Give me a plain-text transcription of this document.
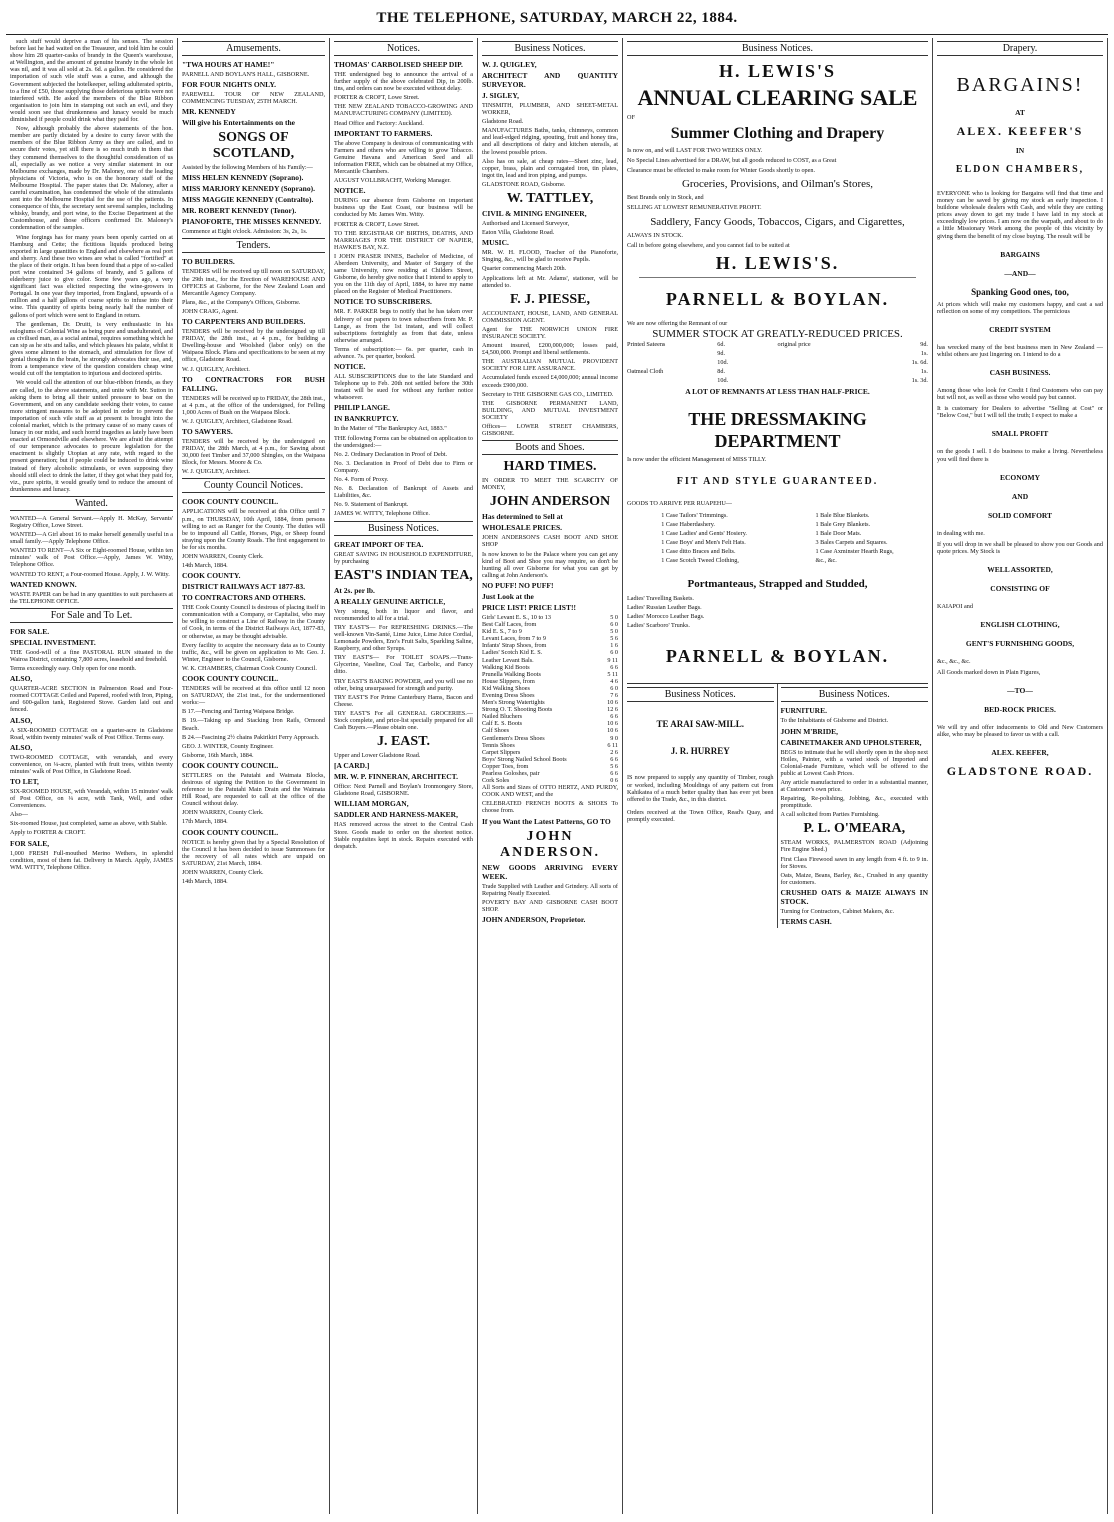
THE TELEPHONE, SATURDAY, MARCH 22, 1884.
such stuff would deprive a man of his senses. The session before last he had waited on the Treasurer, and told him he could show him 28 quarter-casks of brandy in the Queen's warehouse, at Wellington, and the amount of genuine brandy in the whole lot was nil, and it was all sold at 2s. 6d. a gallon. He considered the importation of such vile stuff was a curse, and although the Government subjected the hotelkeeper, selling adulterated spirits, to a fine of £50, those supplying those deleterious spirits were not interfered with. He asked the members of the Blue Ribbon organisation to join him in stamping out such an evil, and they would soon see that drunkenness and lunacy would be much diminished if people could drink what they paid for.
Now, although probably the above statements of the hon. member are partly dictated by a desire to curry favor with the members of the Blue Ribbon Army as they are called, and to secure their votes, yet still there is so much truth in them that they commend themselves to the thoughtful consideration of us all, especially as we notice a very similar statement in our Melbourne exchanges, made by Dr. Maloney, one of the leading physicians of Victoria, who is on the honorary staff of the Melbourne Hospital. The paper states that Dr. Maloney, after a careful examination, has condemned the whole of the stimulants sent into the Melbourne Hospital for the use of the patients. In consequence of this, the secretary sent several samples, including whisky, brandy, and port wine, to the Excise Department at the Customhouse, and those officers confirmed Dr. Maloney's condemnation of the samples.
Wine forgings has for many years been openly carried on at Hamburg and Cette; the fictitious liquids produced being exported in large quantities to England and elsewhere as real port and sherry. And these two wines are what is called "fortified" at the place of their origin. It has been found that a pipe of so-called port wine contained 34 gallons of brandy, and 5 gallons of elderberry juice to give color. Some few years ago, a very significant fact was elicited respecting the wine-growers in Portugal. In one year they imported, from England, upwards of a million and a half gallons of coarse spirits to infuse into their wine. This quantity of spirits being nearly half the number of gallons of port which were sent to England in return.
The gentleman, Dr. Druitt, is very enthusiastic in his eulogiums of Colonial Wine as being pure and unadulterated, and as civilised man, as a social animal, requires something which he can sip as he sits and talks, and which pleases his palate, whilst it gives some aliment to the stomach, and stimulation for flow of genial thoughts in the brain, he strongly advocates their use, and, from a temperance view of the question considers cheap wine would cut off the temptation to injurious and doctored spirits.
We would call the attention of our blue-ribbon friends, as they are called, to the above statements, and unite with Mr. Sutton in asking them to bring all their united pressure to bear on the Government, and on any candidate seeking their votes, to cause more stringent measures to be adopted in order to prevent the importation of such vile stuff as at present is brought into the colonial market, which is the primary cause of so many cases of lunacy in our midst, and such horrid tragedies as lately have been enacted at Ormondville and elsewhere. We are afraid the attempt of our temperance advocates to procure legislation for the enactment is slightly Utopian at any rate, with regard to the present generation; but if people could be induced to drink wine instead of fiery alcoholic stimulants, or even supposing they should still elect to drink the latter, if they got what they paid for, viz., pure spirits, it would greatly tend to reduce the amount of drunkenness and lunacy.
Wanted.
WANTED—A General Servant.—Apply H. McKay, Servants' Registry Office, Lowe Street.
WANTED—A Girl about 16 to make herself generally useful in a small family.—Apply Telephone Office.
WANTED TO RENT—A Six or Eight-roomed House, within ten minutes' walk of Post Office.—Apply, James W. Witty, Telephone Office.
WANTED TO RENT, a Four-roomed House. Apply, J. W. Witty.
WANTED KNOWN.
WASTE PAPER can be had in any quantities to suit purchasers at the TELEPHONE OFFICE.
For Sale and To Let.
FOR SALE.
SPECIAL INVESTMENT.
THE Good-will of a fine PASTORAL RUN situated in the Wairoa District, containing 7,800 acres, leasehold and freehold.
Terms exceedingly easy. Only open for one month.
ALSO,
QUARTER-ACRE SECTION in Palmerston Road and Four-roomed COTTAGE Ceiled and Papered, roofed with Iron, Piping, and 600-gallon tank, Registered Stove. Garden laid out and fenced.
ALSO,
A SIX-ROOMED COTTAGE on a quarter-acre in Gladstone Road, within twenty minutes' walk of Post Office. Terms easy.
ALSO,
TWO-ROOMED COTTAGE, with verandah, and every convenience, on ¼-acre, planted with fruit trees, within twenty minutes' walk of Post Office, in Gladstone Road.
TO LET,
SIX-ROOMED HOUSE, with Verandah, within 15 minutes' walk of Post Office, on ¼ acre, with Tank, Well, and other Conveniences.
Also—
Six-roomed House, just completed, same as above, with Stable.
Apply to FORTER & CROFT.
FOR SALE,
1,000 FRESH Full-mouthed Merino Wethers, in splendid condition, most of them fat. Delivery in March. Apply, JAMES WM. WITTY, Telephone Office.
Amusements.
"TWA HOURS AT HAME!"
PARNELL AND BOYLAN'S HALL, GISBORNE.
FOR FOUR NIGHTS ONLY.
FAREWELL TOUR OF NEW ZEALAND, COMMENCING TUESDAY, 25TH MARCH.
MR. KENNEDY
Will give his Entertainments on the
SONGS OF SCOTLAND,
Assisted by the following Members of his Family:—
MISS HELEN KENNEDY (Soprano).
MISS MARJORY KENNEDY (Soprano).
MISS MAGGIE KENNEDY (Contralto).
MR. ROBERT KENNEDY (Tenor).
PIANOFORTE, THE MISSES KENNEDY.
Commence at Eight o'clock. Admission: 3s, 2s, 1s.
Tenders.
TO BUILDERS.
TENDERS will be received up till noon on SATURDAY, the 29th inst., for the Erection of WAREHOUSE AND OFFICES at Gisborne, for the New Zealand Loan and Mercantile Agency Company.
Plans, &c., at the Company's Offices, Gisborne.
JOHN CRAIG, Agent.
TO CARPENTERS AND BUILDERS.
TENDERS will be received by the undersigned up till FRIDAY, the 28th inst., at 4 p.m., for building a Dwelling-house and Woolshed (labor only) on the Waipaoa Block. Plans and specifications to be seen at my office, Gladstone Road.
W. J. QUIGLEY, Architect.
TO CONTRACTORS FOR BUSH FALLING.
TENDERS will be received up to FRIDAY, the 28th inst., at 4 p.m., at the office of the undersigned, for Felling 1,000 Acres of Bush on the Waipaoa Block.
W. J. QUIGLEY, Architect, Gladstone Road.
TO SAWYERS.
TENDERS will be received by the undersigned on FRIDAY, the 28th March, at 4 p.m., for Sawing about 30,000 feet Timber and 37,000 Shingles, on the Waipaoa Block, for Messrs. Moore & Co.
W. J. QUIGLEY, Architect.
County Council Notices.
COOK COUNTY COUNCIL.
APPLICATIONS will be received at this Office until 7 p.m., on THURSDAY, 10th April, 1884, from persons willing to act as Ranger for the County. The duties will be to impound all Cattle, Horses, Pigs, or Sheep found straying upon the County Roads. The first engagement to be for six months.
JOHN WARREN, County Clerk.
14th March, 1884.
COOK COUNTY.
DISTRICT RAILWAYS ACT 1877-83.
TO CONTRACTORS AND OTHERS.
THE Cook County Council is desirous of placing itself in communication with a Company, or Capitalist, who may be willing to construct a Line of Railway in the County of Cook, in terms of the District Railways Act, 1877-83, or otherwise, as may be thought advisable.
Every facility to acquire the necessary data as to County traffic, &c., will be given on application to Mr. Geo. J. Winter, Engineer to the Council, Gisborne.
W. K. CHAMBERS, Chairman Cook County Council.
COOK COUNTY COUNCIL.
TENDERS will be received at this office until 12 noon on SATURDAY, the 21st inst., for the undermentioned works:—
B 17.—Fencing and Tarring Waipaoa Bridge.
B 19.—Taking up and Stacking Iron Rails, Ormond Beach.
B 24.—Fascining 2½ chains Pakirikiri Ferry Approach.
GEO. J. WINTER, County Engineer.
Gisborne, 16th March, 1884.
COOK COUNTY COUNCIL.
SETTLERS on the Patutahi and Waimata Blocks, desirous of signing the Petition to the Government in reference to the Patutahi Main Drain and the Waimata Hill Road, are requested to call at the office of the Council without delay.
JOHN WARREN, County Clerk.
17th March, 1884.
COOK COUNTY COUNCIL.
NOTICE is hereby given that by a Special Resolution of the Council it has been decided to issue Summonses for the recovery of all rates which are unpaid on SATURDAY, 21st March, 1884.
JOHN WARREN, County Clerk.
14th March, 1884.
Notices.
THOMAS' CARBOLISED SHEEP DIP.
THE undersigned beg to announce the arrival of a further supply of the above celebrated Dip, in 200lb. tins, and orders can now be executed without delay.
FORTER & CROFT, Lowe Street.
THE NEW ZEALAND TOBACCO-GROWING AND MANUFACTURING COMPANY (LIMITED).
Head Office and Factory: Auckland.
IMPORTANT TO FARMERS.
The above Company is desirous of communicating with Farmers and others who are willing to grow Tobacco. Genuine Havana and American Seed and all information FREE, which can be obtained at my Office, Mercantile Chambers.
AUGUST VOLLBRACHT, Working Manager.
NOTICE.
DURING our absence from Gisborne on important business up the East Coast, our business will be conducted by Mr. James Wm. Witty.
FORTER & CROFT, Lowe Street.
TO THE REGISTRAR OF BIRTHS, DEATHS, AND MARRIAGES FOR THE DISTRICT OF NAPIER, HAWKE'S BAY, N.Z.
I JOHN FRASER INNES, Bachelor of Medicine, of Aberdeen University, and Master of Surgery of the same University, now residing at Childers Street, Gisborne, do hereby give notice that I intend to apply to you on the 11th day of April, 1884, to have my name placed on the Register of Medical Practitioners.
NOTICE TO SUBSCRIBERS.
MR. F. PARKER begs to notify that he has taken over delivery of our papers to town subscribers from Mr. P. Lange, as from the 1st instant, and will collect subscriptions fortnightly as from that date, unless otherwise arranged.
Terms of subscription:— 6s. per quarter, cash in advance. 7s. per quarter, booked.
NOTICE.
ALL SUBSCRIPTIONS due to the late Standard and Telephone up to Feb. 20th not settled before the 30th instant will be sued for without any further notice whatsoever.
PHILIP LANGE.
IN BANKRUPTCY.
In the Matter of "The Bankruptcy Act, 1883."
THE following Forms can be obtained on application to the undersigned:—
No. 2. Ordinary Declaration in Proof of Debt.
No. 3. Declaration in Proof of Debt due to Firm or Company.
No. 4. Form of Proxy.
No. 8. Declaration of Bankrupt of Assets and Liabilities, &c.
No. 9. Statement of Bankrupt.
JAMES W. WITTY, Telephone Office.
Business Notices.
GREAT IMPORT OF TEA.
GREAT SAVING IN HOUSEHOLD EXPENDITURE, by purchasing
EAST'S INDIAN TEA,
At 2s. per lb.
A REALLY GENUINE ARTICLE,
Very strong, both in liquor and flavor, and recommended to all for a trial.
TRY EAST'S— For REFRESHING DRINKS.—The well-known Vin-Santé, Lime Juice, Lime Juice Cordial, Lemonade Powders, Eno's Fruit Salts, Sparkling Saline, Raspberry, and other Syrups.
TRY EAST'S— For TOILET SOAPS.—Trans-Glycerine, Vaseline, Coal Tar, Carbolic, and Fancy ditto.
TRY EAST'S BAKING POWDER, and you will use no other, being unsurpassed for strength and purity.
TRY EAST'S For Prime Canterbury Hams, Bacon and Cheese.
TRY EAST'S For all GENERAL GROCERIES.—Stock complete, and price-list specially prepared for all Cash Buyers.—Please obtain one.
J. EAST.
Upper and Lower Gladstone Road.
[A CARD.]
MR. W. P. FINNERAN, ARCHITECT.
Office: Next Parnell and Boylan's Ironmongery Store, Gladstone Road, GISBORNE.
WILLIAM MORGAN,
SADDLER AND HARNESS-MAKER,
HAS removed across the street to the Central Cash Store. Goods made to order on the shortest notice. Stable requisites kept in stock. Repairs executed with despatch.
Business Notices.
W. J. QUIGLEY,
ARCHITECT AND QUANTITY SURVEYOR.
J. SIGLEY,
TINSMITH, PLUMBER, AND SHEET-METAL WORKER,
Gladstone Road.
MANUFACTURES Baths, tanks, chimneys, common and lead-edged ridging, spouting, fruit and honey tins, and all descriptions of dairy and kitchen utensils, at the lowest possible prices.
Also has on sale, at cheap rates—Sheet zinc, lead, copper, brass, plain and corrugated iron, tin plates, ingot tin, lead and iron piping, and pumps.
GLADSTONE ROAD, Gisborne.
W. TATTLEY,
CIVIL & MINING ENGINEER,
Authorised and Licensed Surveyor,
Eaton Villa, Gladstone Road.
MUSIC.
MR. W. H. FLOOD, Teacher of the Pianoforte, Singing, &c., will be glad to receive Pupils.
Quarter commencing March 20th.
Applications left at Mr. Adams', stationer, will be attended to.
F. J. PIESSE,
ACCOUNTANT, HOUSE, LAND, AND GENERAL COMMISSION AGENT.
Agent for THE NORWICH UNION FIRE INSURANCE SOCIETY.
Amount insured, £200,000,000; losses paid, £4,500,000. Prompt and liberal settlements.
THE AUSTRALIAN MUTUAL PROVIDENT SOCIETY FOR LIFE ASSURANCE.
Accumulated funds exceed £4,000,000; annual income exceeds £900,000.
Secretary to THE GISBORNE GAS CO., LIMITED.
THE GISBORNE PERMANENT LAND, BUILDING, AND MUTUAL INVESTMENT SOCIETY
Offices— LOWER STREET CHAMBERS, GISBORNE.
Boots and Shoes.
HARD TIMES.
IN ORDER TO MEET THE SCARCITY OF MONEY,
JOHN ANDERSON
Has determined to Sell at
WHOLESALE PRICES.
JOHN ANDERSON'S CASH BOOT AND SHOE SHOP
Is now known to be the Palace where you can get any kind of Boot and Shoe you may require, so don't be hunting all over Gisborne for what you can get by calling at John Anderson's.
NO PUFF! NO PUFF!
Just Look at the
PRICE LIST! PRICE LIST!!
Girls' Levant E. S., 10 to 13	5 0
Best Calf Laces, from	6 0
Kid E. S., 7 to 9	5 0
Levant Laces, from 7 to 9	5 6
Infants' Strap Shoes, from	1 6
Ladies' Scotch Kid E. S.	6 0
Leather Levant Bals.	9 11
Walking Kid Boots	6 6
Prunella Walking Boots	5 11
House Slippers, from	4 6
Kid Walking Shoes	6 0
Evening Dress Shoes	7 6
Men's Strong Watertights	10 6
Strong O. T. Shooting Boots	12 6
Nailed Bluchers	6 6
Calf E. S. Boots	10 6
Calf Shoes	10 6
Gentlemen's Dress Shoes	9 0
Tennis Shoes	6 11
Carpet Slippers	2 6
Boys' Strong Nailed School Boots	6 6
Copper Toes, from	5 6
Pearless Goloshes, pair	6 6
Cork Soles	0 6
All Sorts and Sizes of OTTO HERTZ, AND PURDY, COOK AND WEST, and the
CELEBRATED FRENCH BOOTS & SHOES To choose from.
If you Want the Latest Patterns, GO TO
JOHN ANDERSON.
NEW GOODS ARRIVING EVERY WEEK.
Trade Supplied with Leather and Grindery. All sorts of Repairing Neatly Executed.
POVERTY BAY AND GISBORNE CASH BOOT SHOP.
JOHN ANDERSON, Proprietor.
Business Notices.
H. LEWIS'S
ANNUAL CLEARING SALE
OF
Summer Clothing and Drapery
Is now on, and will LAST FOR TWO WEEKS ONLY.
No Special Lines advertised for a DRAW, but all goods reduced to COST, as a Great
Clearance must be effected to make room for Winter Goods shortly to open.
Groceries, Provisions, and Oilman's Stores,
Best Brands only in Stock, and
SELLING AT LOWEST REMUNERATIVE PROFIT.
Saddlery, Fancy Goods, Tobaccos, Cigars, and Cigarettes,
ALWAYS IN STOCK.
Call in before going elsewhere, and you cannot fail to be suited at
H. LEWIS'S.
PARNELL & BOYLAN.
We are now offering the Remnant of our
SUMMER STOCK AT GREATLY-REDUCED PRICES.
Printed Sateens	6d.	original price	9d.
9d.	1s.
10d.	1s. 6d.
Oatmeal Cloth	8d.	1s.
10d.	1s. 3d.
A LOT OF REMNANTS AT LESS THAN HALF-PRICE.
THE DRESSMAKING DEPARTMENT
Is now under the efficient Management of MISS TILLY.
FIT AND STYLE GUARANTEED.
GOODS TO ARRIVE PER RUAPEHU—
1 Case Tailors' Trimmings.
1 Case Haberdashery.
1 Case Ladies' and Gents' Hosiery.
1 Case Boys' and Men's Felt Hats.
1 Case ditto Braces and Belts.
1 Case Scotch Tweed Clothing,
1 Bale Blue Blankets.
1 Bale Grey Blankets.
1 Bale Door Mats.
3 Bales Carpets and Squares.
1 Case Axminster Hearth Rugs,
&c., &c.
Portmanteaus, Strapped and Studded,
Ladies' Travelling Baskets.
Ladies' Russian Leather Bags.
Ladies' Morocco Leather Bags.
Ladies' Scarboro' Trunks.
PARNELL & BOYLAN.
Business Notices.
TE ARAI SAW-MILL.
J. R. HURREY
IS now prepared to supply any quantity of Timber, rough or worked, including Mouldings of any pattern cut from Kahikatea of a much better quality than has ever yet been offered to the Trade, &c., in this district.
Orders received at the Town Office, Read's Quay, and promptly executed.
Business Notices.
FURNITURE.
To the Inhabitants of Gisborne and District.
JOHN M'BRIDE,
CABINETMAKER AND UPHOLSTERER,
BEGS to intimate that he will shortly open in the shop next Hoiles, Painter, with a varied stock of Imported and Colonial-made Furniture, which will be offered to the public at Lowest Cash Prices.
Any article manufactured to order in a substantial manner, at Customer's own price.
Repairing, Re-polishing, Jobbing, &c., executed with promptitude.
A call solicited from Parties Furnishing.
P. L. O'MEARA,
STEAM WORKS, PALMERSTON ROAD (Adjoining Fire Engine Shed.)
First Class Firewood sawn in any length from 4 ft. to 9 in. for Stoves.
Oats, Maize, Beans, Barley, &c., Crushed in any quantity for customers.
CRUSHED OATS & MAIZE ALWAYS IN STOCK.
Turning for Contractors, Cabinet Makers, &c.
TERMS CASH.
Drapery.
BARGAINS!
AT
ALEX. KEEFER'S
IN
ELDON CHAMBERS,
EVERYONE who is looking for Bargains will find that time and money can be saved by giving my stock an early inspection. I buildone wholesale dealers with Cash, and while they are cutting prices away down to get my trade I have laid in my stock at exceedingly low prices. I am now on the warpath, and about to do a little Missionary Work among the people of this vicinity by giving them the benefit of my close buying. The result will be
BARGAINS
—AND—
Spanking Good ones, too,
At prices which will make my customers happy, and cast a sad reflection on some of my competitors. The pernicious
CREDIT SYSTEM
has wrecked many of the best business men in New Zealand — whilst others are just lingering on. I intend to do a
CASH BUSINESS.
Among those who look for Credit I find Customers who can pay but will not, as well as those who would pay but cannot.
It is customary for Dealers to advertise "Selling at Cost" or "Below Cost," but I will tell the truth; I expect to make a
SMALL PROFIT
on the goods I sell. I do business to make a living. Nevertheless you will find there is
ECONOMY
AND
SOLID COMFORT
in dealing with me.
If you will drop in we shall be pleased to show you our Goods and quote prices. My Stock is
WELL ASSORTED,
CONSISTING OF
KAIAPOI and
ENGLISH CLOTHING,
GENT'S FURNISHING GOODS,
&c., &c., &c.
All Goods marked down in Plain Figures,
—TO—
BED-ROCK PRICES.
We will try and offer inducements to Old and New Customers alike, who may be pleased to favor us with a call.
ALEX. KEEFER,
GLADSTONE ROAD.
